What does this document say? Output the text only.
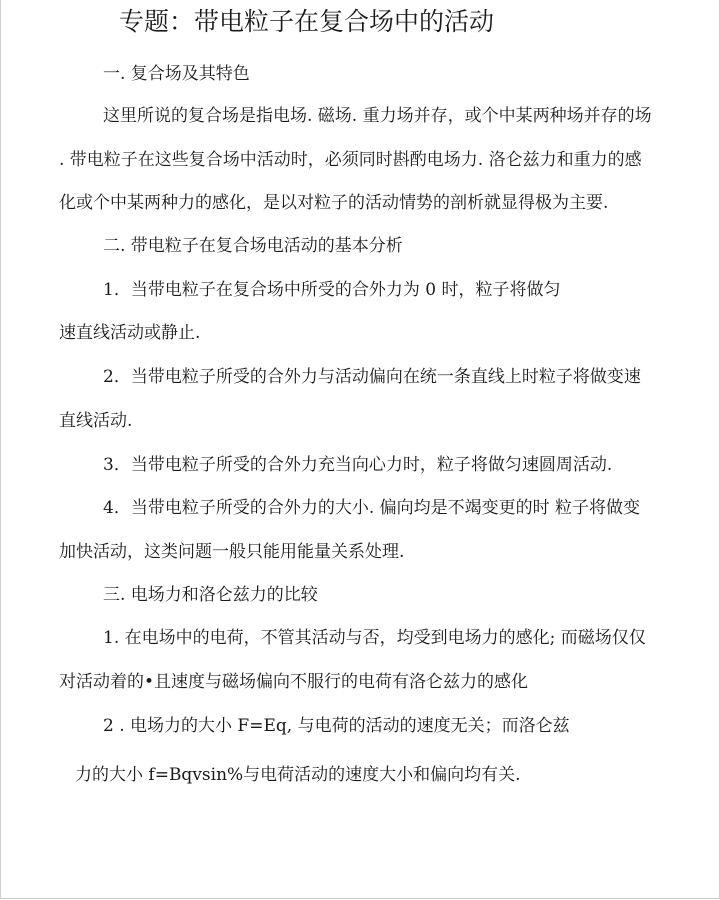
专题：带电粒子在复合场中的活动
一. 复合场及其特色
这里所说的复合场是指电场. 磁场. 重力场并存，或个中某两种场并存的场
. 带电粒子在这些复合场中活动时，必须同时斟酌电场力. 洛仑兹力和重力的感
化或个中某两种力的感化，是以对粒子的活动情势的剖析就显得极为主要.
二. 带电粒子在复合场电活动的基本分析
1．当带电粒子在复合场中所受的合外力为 0 时，粒子将做匀
速直线活动或静止.
2．当带电粒子所受的合外力与活动偏向在统一条直线上时粒子将做变速
直线活动.
3．当带电粒子所受的合外力充当向心力时，粒子将做匀速圆周活动.
4．当带电粒子所受的合外力的大小. 偏向均是不竭变更的时 粒子将做变
加快活动，这类问题一般只能用能量关系处理.
三. 电场力和洛仑兹力的比较
1. 在电场中的电荷，不管其活动与否，均受到电场力的感化; 而磁场仅仅
对活动着的•且速度与磁场偏向不服行的电荷有洛仑兹力的感化
2 . 电场力的大小 F=Eq, 与电荷的活动的速度无关；而洛仑兹
力的大小 f=Bqvsin%与电荷活动的速度大小和偏向均有关.
